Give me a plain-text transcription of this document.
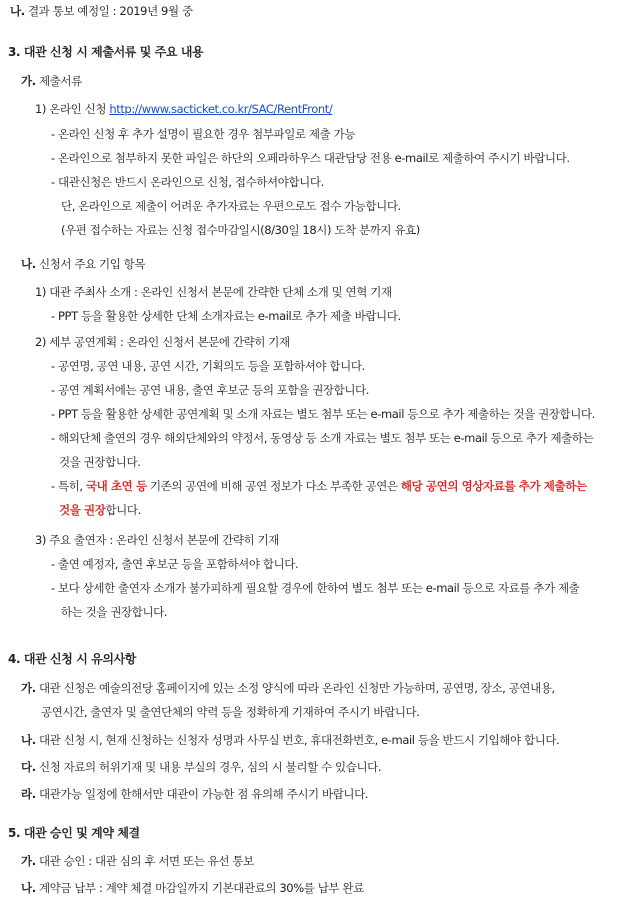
나. 결과 통보 예정일 : 2019년 9월 중
3. 대관 신청 시 제출서류 및 주요 내용
가. 제출서류
1) 온라인 신청 http://www.sacticket.co.kr/SAC/RentFront/
- 온라인 신청 후 추가 설명이 필요한 경우 첨부파일로 제출 가능
- 온라인으로 첨부하지 못한 파일은 하단의 오페라하우스 대관담당 전용 e-mail로 제출하여 주시기 바랍니다.
- 대관신청은 반드시 온라인으로 신청, 접수하셔야합니다.
단, 온라인으로 제출이 어려운 추가자료는 우편으로도 접수 가능합니다.
(우편 접수하는 자료는 신청 접수마감일시(8/30일 18시) 도착 분까지 유효)
나. 신청서 주요 기입 항목
1) 대관 주최사 소개 : 온라인 신청서 본문에 간략한 단체 소개 및 연혁 기재
- PPT 등을 활용한 상세한 단체 소개자료는 e-mail로 추가 제출 바랍니다.
2) 세부 공연계획 : 온라인 신청서 본문에 간략히 기재
- 공연명, 공연 내용, 공연 시간, 기획의도 등을 포함하셔야 합니다.
- 공연 계획서에는 공연 내용, 출연 후보군 등의 포함을 권장합니다.
- PPT 등을 활용한 상세한 공연계획 및 소개 자료는 별도 첨부 또는 e-mail 등으로 추가 제출하는 것을 권장합니다.
- 해외단체 출연의 경우 해외단체와의 약정서, 동영상 등 소개 자료는 별도 첨부 또는 e-mail 등으로 추가 제출하는
것을 권장합니다.
- 특히, 국내 초연 등 기존의 공연에 비해 공연 정보가 다소 부족한 공연은 해당 공연의 영상자료를 추가 제출하는
것을 권장합니다.
3) 주요 출연자 : 온라인 신청서 본문에 간략히 기재
- 출연 예정자, 출연 후보군 등을 포함하셔야 합니다.
- 보다 상세한 출연자 소개가 불가피하게 필요할 경우에 한하여 별도 첨부 또는 e-mail 등으로 자료를 추가 제출
하는 것을 권장합니다.
4. 대관 신청 시 유의사항
가. 대관 신청은 예술의전당 홈페이지에 있는 소정 양식에 따라 온라인 신청만 가능하며, 공연명, 장소, 공연내용,
공연시간, 출연자 및 출연단체의 약력 등을 정확하게 기재하여 주시기 바랍니다.
나. 대관 신청 시, 현재 신청하는 신청자 성명과 사무실 번호, 휴대전화번호, e-mail 등을 반드시 기입해야 합니다.
다. 신청 자료의 허위기재 및 내용 부실의 경우, 심의 시 불리할 수 있습니다.
라. 대관가능 일정에 한해서만 대관이 가능한 점 유의해 주시기 바랍니다.
5. 대관 승인 및 계약 체결
가. 대관 승인 : 대관 심의 후 서면 또는 유선 통보
나. 계약금 납부 : 계약 체결 마감일까지 기본대관료의 30%를 납부 완료
